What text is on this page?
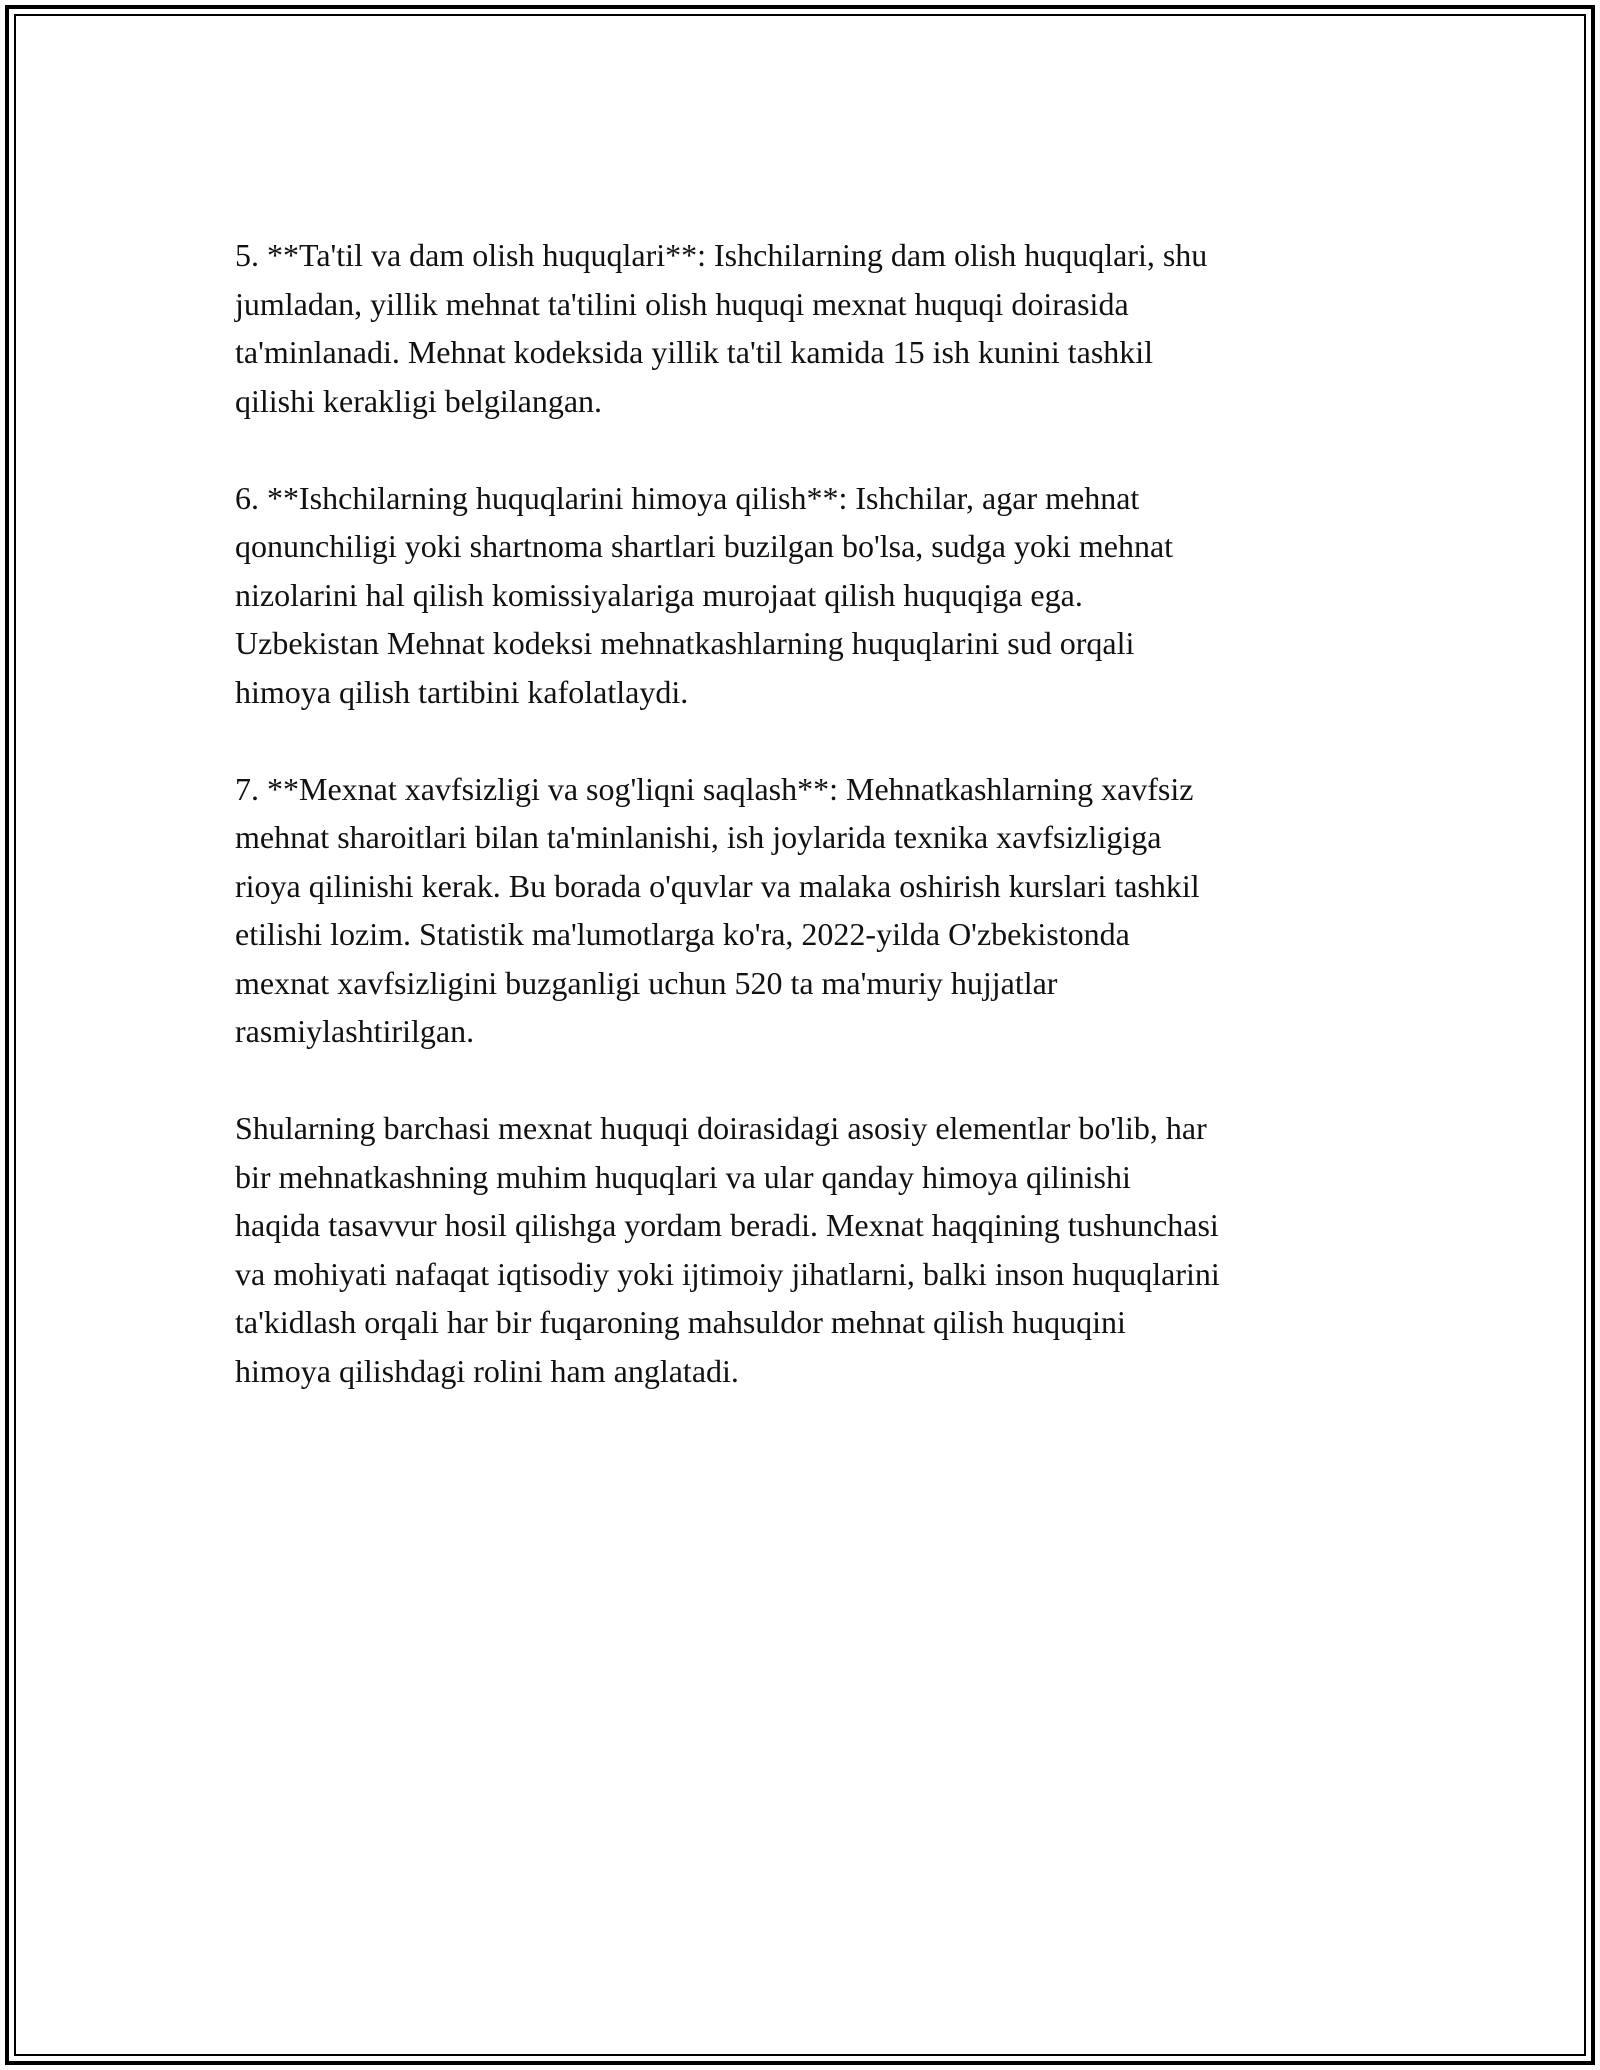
5. **Ta'til va dam olish huquqlari**: Ishchilarning dam olish huquqlari, shu
jumladan, yillik mehnat ta'tilini olish huquqi mexnat huquqi doirasida
ta'minlanadi. Mehnat kodeksida yillik ta'til kamida 15 ish kunini tashkil
qilishi kerakligi belgilangan.

6. **Ishchilarning huquqlarini himoya qilish**: Ishchilar, agar mehnat
qonunchiligi yoki shartnoma shartlari buzilgan bo'lsa, sudga yoki mehnat
nizolarini hal qilish komissiyalariga murojaat qilish huquqiga ega.
Uzbekistan Mehnat kodeksi mehnatkashlarning huquqlarini sud orqali
himoya qilish tartibini kafolatlaydi.

7. **Mexnat xavfsizligi va sog'liqni saqlash**: Mehnatkashlarning xavfsiz
mehnat sharoitlari bilan ta'minlanishi, ish joylarida texnika xavfsizligiga
rioya qilinishi kerak. Bu borada o'quvlar va malaka oshirish kurslari tashkil
etilishi lozim. Statistik ma'lumotlarga ko'ra, 2022-yilda O'zbekistonda
mexnat xavfsizligini buzganligi uchun 520 ta ma'muriy hujjatlar
rasmiylashtirilgan.

Shularning barchasi mexnat huquqi doirasidagi asosiy elementlar bo'lib, har
bir mehnatkashning muhim huquqlari va ular qanday himoya qilinishi
haqida tasavvur hosil qilishga yordam beradi. Mexnat haqqining tushunchasi
va mohiyati nafaqat iqtisodiy yoki ijtimoiy jihatlarni, balki inson huquqlarini
ta'kidlash orqali har bir fuqaroning mahsuldor mehnat qilish huquqini
himoya qilishdagi rolini ham anglatadi.
